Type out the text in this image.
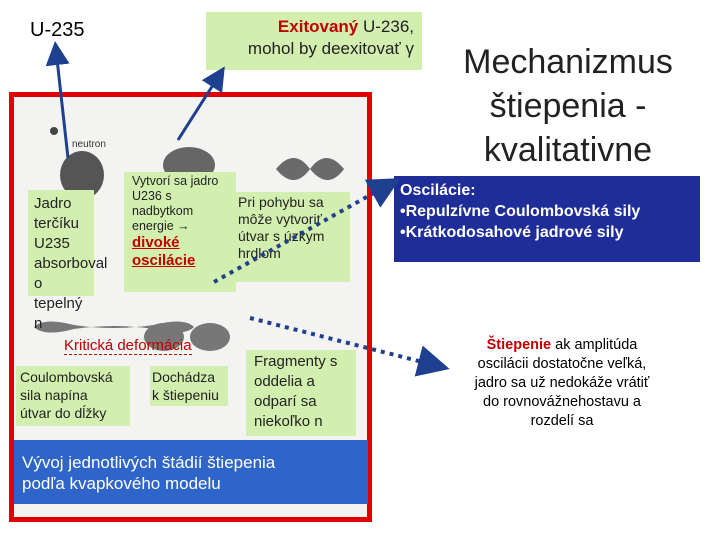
neutron
U-235	Exitovaný U-236,
mohol by deexitovať γ	Mechanizmus
štiepenia -
kvalitativne
Jadro
terčíku
U235
absorboval
o tepelný n
Vytvorí sa jadro
U236 s
nadbytkom
energie →
divoké
oscilácie
Pri pohybu sa
môže vytvoriť
útvar s úzkym
hrdlom
Kritická deformácia
Coulombovská
sila napína
útvar do dĺžky
Dochádza
k štiepeniu
Fragmenty s
oddelia a
odparí sa
niekoľko n
Vývoj jednotlivých štádií štiepenia
podľa kvapkového modelu
Oscilácie:
•Repulzívne Coulombovská sily
•Krátkodosahové jadrové sily
Štiepenie ak amplitúda
oscilácii dostatočne veľká,
jadro sa už nedokáže vrátiť
do rovnovážnehostavu a
rozdelí sa
